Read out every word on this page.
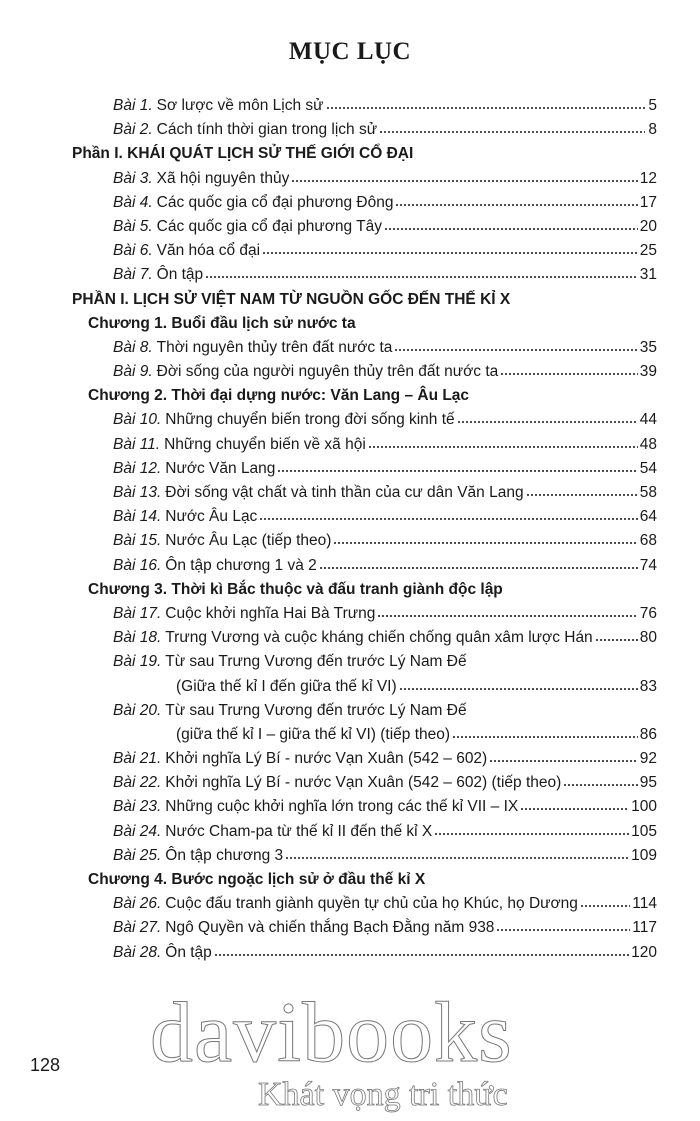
MỤC LỤC
Bài 1. Sơ lược về môn Lịch sử	5
Bài 2. Cách tính thời gian trong lịch sử	8
Phần I. KHÁI QUÁT LỊCH SỬ THẾ GIỚI CỔ ĐẠI
Bài 3. Xã hội nguyên thủy	12
Bài 4. Các quốc gia cổ đại phương Đông	17
Bài 5. Các quốc gia cổ đại phương Tây	20
Bài 6. Văn hóa cổ đại	25
Bài 7. Ôn tập	31
PHẦN I. LỊCH SỬ VIỆT NAM TỪ NGUỒN GỐC ĐẾN THẾ KỈ X
Chương 1. Buổi đầu lịch sử nước ta
Bài 8. Thời nguyên thủy trên đất nước ta	35
Bài 9. Đời sống của người nguyên thủy trên đất nước ta	39
Chương 2. Thời đại dựng nước: Văn Lang – Âu Lạc
Bài 10. Những chuyển biến trong đời sống kinh tế	44
Bài 11. Những chuyển biến về xã hội	48
Bài 12. Nước Văn Lang	54
Bài 13. Đời sống vật chất và tinh thần của cư dân Văn Lang	58
Bài 14. Nước Âu Lạc	64
Bài 15. Nước Âu Lạc (tiếp theo)	68
Bài 16. Ôn tập chương 1 và 2	74
Chương 3. Thời kì Bắc thuộc và đấu tranh giành độc lập
Bài 17. Cuộc khởi nghĩa Hai Bà Trưng	76
Bài 18. Trưng Vương và cuộc kháng chiến chống quân xâm lược Hán	80
Bài 19. Từ sau Trưng Vương đến trước Lý Nam Đế
(Giữa thế kỉ I đến giữa thế kỉ VI)	83
Bài 20. Từ sau Trưng Vương đến trước Lý Nam Đế
(giữa thế kỉ I – giữa thế kỉ VI) (tiếp theo)	86
Bài 21. Khởi nghĩa Lý Bí - nước Vạn Xuân (542 – 602)	92
Bài 22. Khởi nghĩa Lý Bí - nước Vạn Xuân (542 – 602) (tiếp theo)	95
Bài 23. Những cuộc khởi nghĩa lớn trong các thế kỉ VII – IX	100
Bài 24. Nước Cham-pa từ thế kỉ II đến thế kỉ X	105
Bài 25. Ôn tập chương 3	109
Chương 4. Bước ngoặc lịch sử ở đầu thế kỉ X
Bài 26. Cuộc đấu tranh giành quyền tự chủ của họ Khúc, họ Dương	114
Bài 27. Ngô Quyền và chiến thắng Bạch Đằng năm 938	117
Bài 28. Ôn tập	120
128 davibooks
Khát vọng tri thức
